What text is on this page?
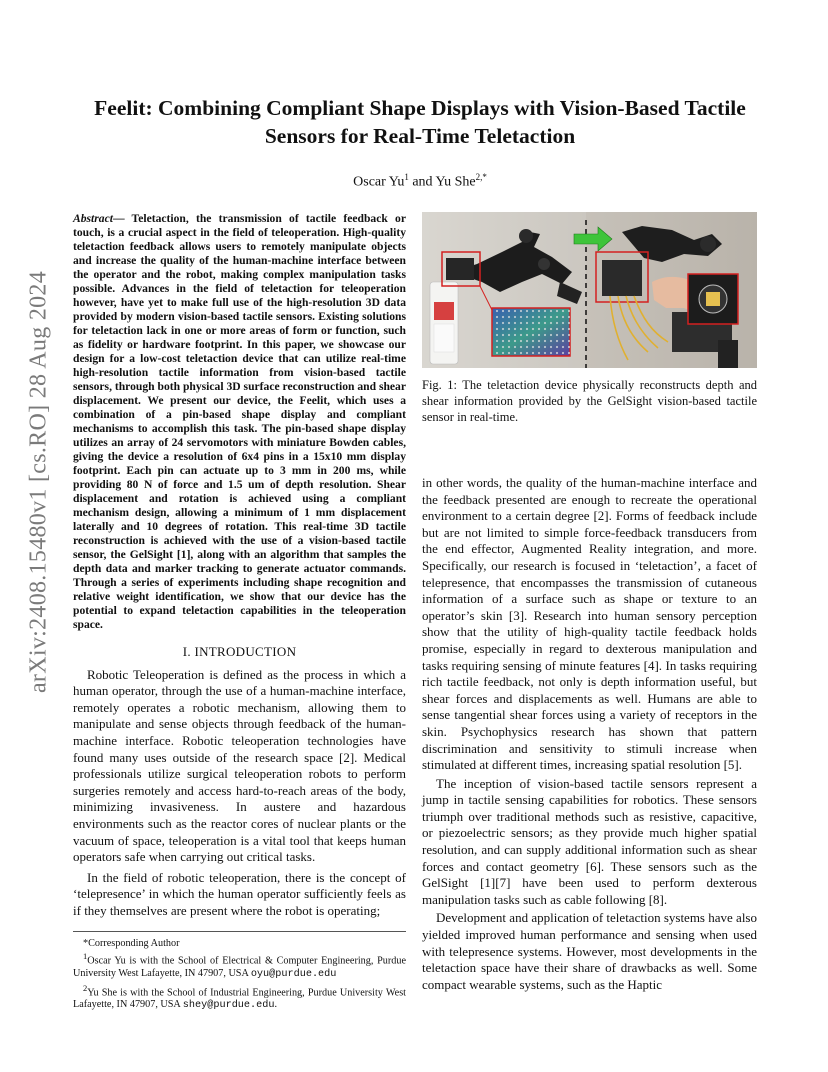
arXiv:2408.15480v1 [cs.RO] 28 Aug 2024
Feelit: Combining Compliant Shape Displays with Vision-Based Tactile Sensors for Real-Time Teletaction
Oscar Yu$^1$ and Yu She$^{2,*}$

Abstract— Teletaction, the transmission of tactile feedback or touch, is a crucial aspect in the field of teleoperation. High-quality teletaction feedback allows users to remotely manipulate objects and increase the quality of the human-machine interface between the operator and the robot, making complex manipulation tasks possible. Advances in the field of teletaction for teleoperation however, have yet to make full use of the high-resolution 3D data provided by modern vision-based tactile sensors. Existing solutions for teletaction lack in one or more areas of form or function, such as fidelity or hardware footprint. In this paper, we showcase our design for a low-cost teletaction device that can utilize real-time high-resolution tactile information from vision-based tactile sensors, through both physical 3D surface reconstruction and shear displacement. We present our device, the Feelit, which uses a combination of a pin-based shape display and compliant mechanisms to accomplish this task. The pin-based shape display utilizes an array of 24 servomotors with miniature Bowden cables, giving the device a resolution of 6x4 pins in a 15x10 mm display footprint. Each pin can actuate up to 3 mm in 200 ms, while providing 80 N of force and 1.5 um of depth resolution. Shear displacement and rotation is achieved using a compliant mechanism design, allowing a minimum of 1 mm displacement laterally and 10 degrees of rotation. This real-time 3D tactile reconstruction is achieved with the use of a vision-based tactile sensor, the GelSight [1], along with an algorithm that samples the depth data and marker tracking to generate actuator commands. Through a series of experiments including shape recognition and relative weight identification, we show that our device has the potential to expand teletaction capabilities in the teleoperation space.

I. INTRODUCTION

Robotic Teleoperation is defined as the process in which a human operator, through the use of a human-machine interface, remotely operates a robotic mechanism, allowing them to manipulate and sense objects through feedback of the human-machine interface. Robotic teleoperation technologies have found many uses outside of the research space [2]. Medical professionals utilize surgical teleoperation robots to perform surgeries remotely and access hard-to-reach areas of the body, minimizing invasiveness. In austere and hazardous environments such as the reactor cores of nuclear plants or the vacuum of space, teleoperation is a vital tool that keeps human operators safe when carrying out critical tasks.

In the field of robotic teleoperation, there is the concept of ‘telepresence’ in which the human operator sufficiently feels as if they themselves are present where the robot is operating;

*Corresponding Author
$^1$Oscar Yu is with the School of Electrical & Computer Engineering, Purdue University West Lafayette, IN 47907, USA oyu@purdue.edu
$^2$Yu She is with the School of Industrial Engineering, Purdue University West Lafayette, IN 47907, USA shey@purdue.edu.

Fig. 1: The teletaction device physically reconstructs depth and shear information provided by the GelSight vision-based tactile sensor in real-time.

in other words, the quality of the human-machine interface and the feedback presented are enough to recreate the operational environment to a certain degree [2]. Forms of feedback include but are not limited to simple force-feedback transducers from the end effector, Augmented Reality integration, and more. Specifically, our research is focused in ‘teletaction’, a facet of telepresence, that encompasses the transmission of cutaneous information of a surface such as shape or texture to an operator’s skin [3]. Research into human sensory perception show that the utility of high-quality tactile feedback holds promise, especially in regard to dexterous manipulation and tasks requiring sensing of minute features [4]. In tasks requiring rich tactile feedback, not only is depth information useful, but shear forces and displacements as well. Humans are able to sense tangential shear forces using a variety of receptors in the skin. Psychophysics research has shown that pattern discrimination and sensitivity to stimuli increase when stimulated at different times, increasing spatial resolution [5].

The inception of vision-based tactile sensors represent a jump in tactile sensing capabilities for robotics. These sensors triumph over traditional methods such as resistive, capacitive, or piezoelectric sensors; as they provide much higher spatial resolution, and can supply additional information such as shear forces and contact geometry [6]. These sensors such as the GelSight [1][7] have been used to perform dexterous manipulation tasks such as cable following [8].

Development and application of teletaction systems have also yielded improved human performance and sensing when used with telepresence systems. However, most developments in the teletaction space have their share of drawbacks as well. Some compact wearable systems, such as the Haptic
